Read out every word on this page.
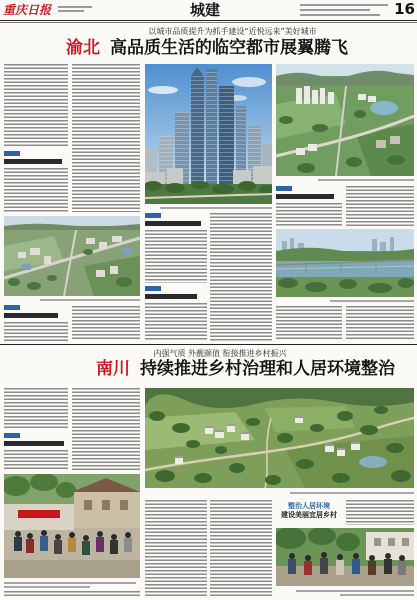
重庆日报	城建	16
以城市品质提升为抓手建设“近悦远来”美好城市
渝北 高品质生活的临空都市展翼腾飞
内强气质 外靓颜值 衔接推进乡村振兴
南川 持续推进乡村治理和人居环境整治
整治人居环境
建设美丽宜居乡村
